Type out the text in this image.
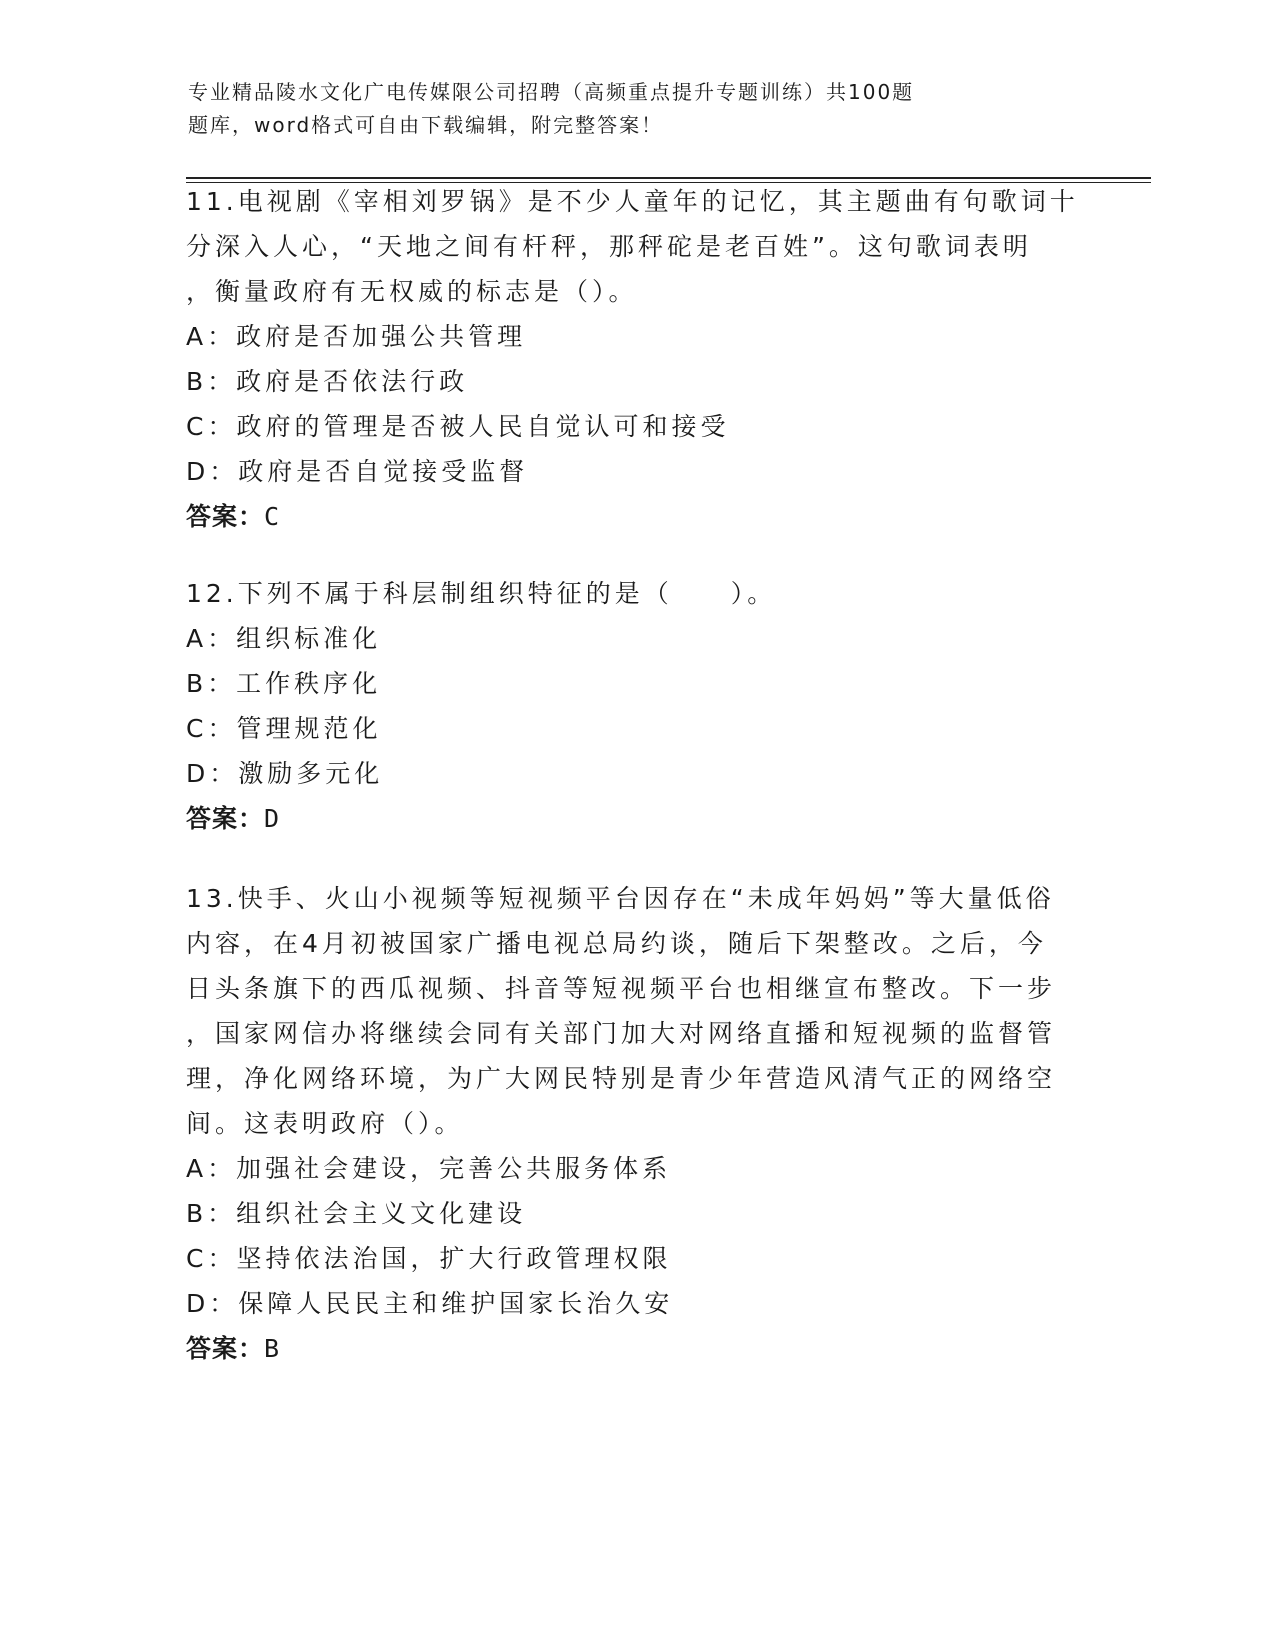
专业精品陵水文化广电传媒限公司招聘（高频重点提升专题训练）共100题
题库，word格式可自由下载编辑，附完整答案！
11.电视剧《宰相刘罗锅》是不少人童年的记忆，其主题曲有句歌词十
分深入人心，“天地之间有杆秤，那秤砣是老百姓”。这句歌词表明
，衡量政府有无权威的标志是（）。
A：政府是否加强公共管理
B：政府是否依法行政
C：政府的管理是否被人民自觉认可和接受
D：政府是否自觉接受监督
答案：C
12.下列不属于科层制组织特征的是（　　）。
A：组织标准化
B：工作秩序化
C：管理规范化
D：激励多元化
答案：D
13.快手、火山小视频等短视频平台因存在“未成年妈妈”等大量低俗
内容，在4月初被国家广播电视总局约谈，随后下架整改。之后，今
日头条旗下的西瓜视频、抖音等短视频平台也相继宣布整改。下一步
，国家网信办将继续会同有关部门加大对网络直播和短视频的监督管
理，净化网络环境，为广大网民特别是青少年营造风清气正的网络空
间。这表明政府（）。
A：加强社会建设，完善公共服务体系
B：组织社会主义文化建设
C：坚持依法治国，扩大行政管理权限
D：保障人民民主和维护国家长治久安
答案：B
